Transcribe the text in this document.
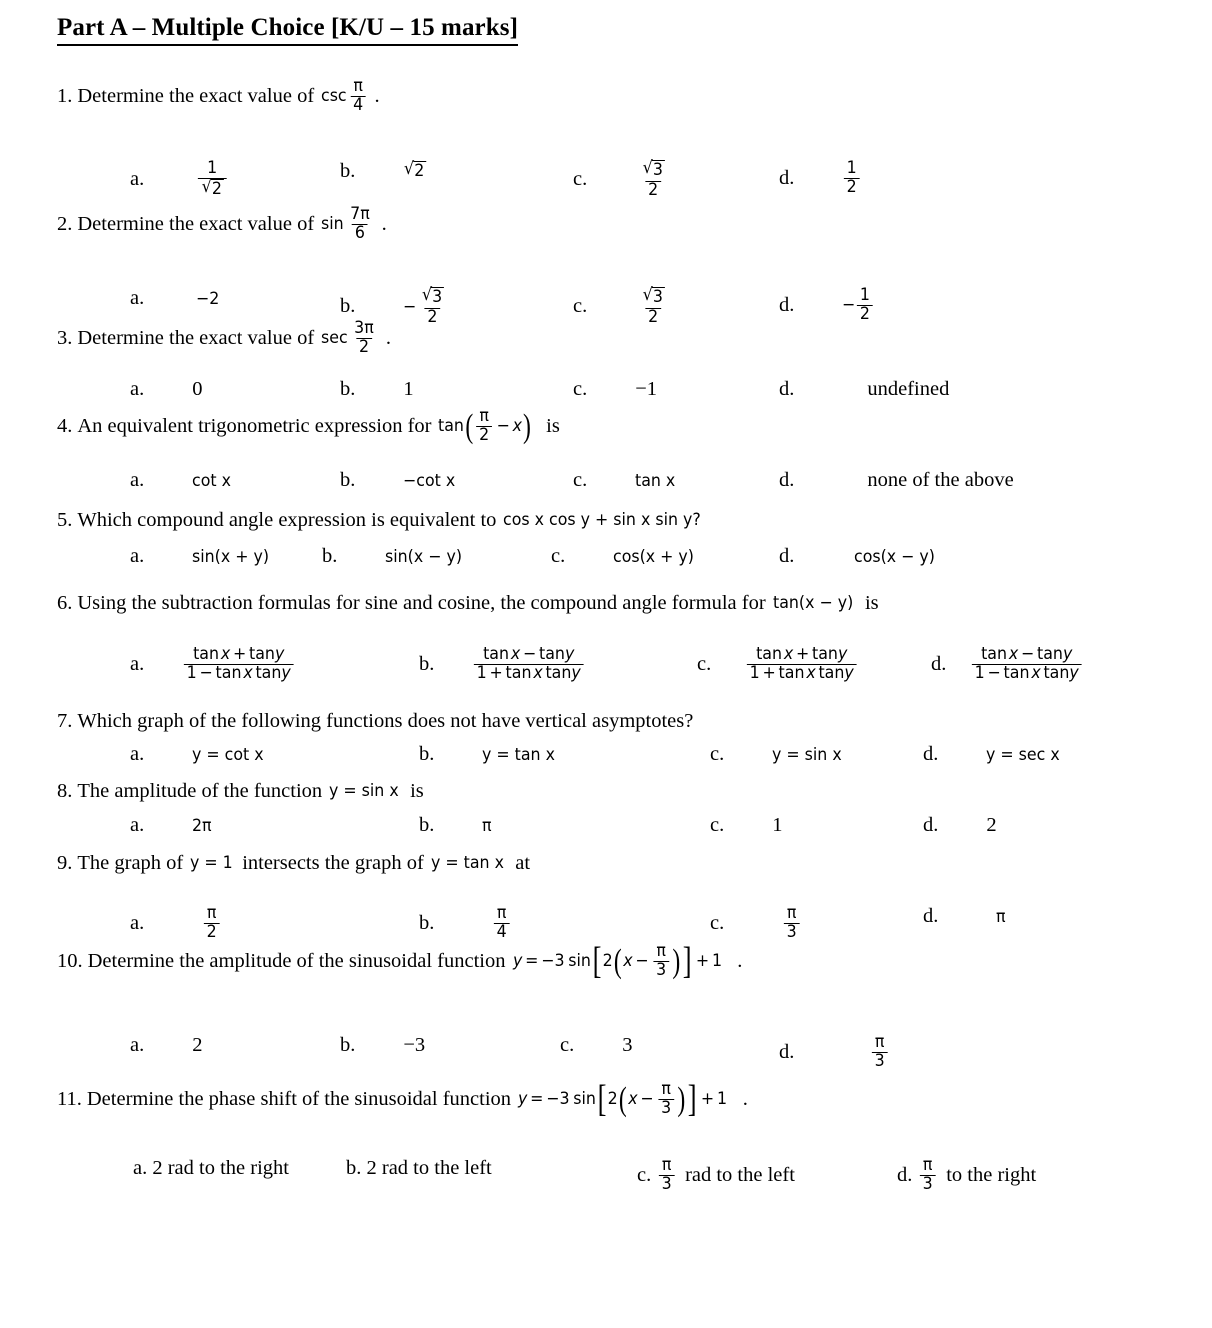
Part A – Multiple Choice [K/U – 15 marks]
1. Determine the exact value of $\csc \frac{\pi}{4}$ .
a.	$\frac{1}{√ 2}$	b.	√ 2	c.	$\frac{√ 3}{2}$	d.	$\frac{1}{2}$
2. Determine the exact value of $\sin \frac{7\pi}{6}$ .
a.	−2	b.	− $\frac{√ 3}{2}$	c.	$\frac{√ 3}{2}$	d.	− $\frac{1}{2}$
3. Determine the exact value of $\sec \frac{3\pi}{2}$ .
a. 0	b. 1	c. −1	d.	undefined
4. An equivalent trigonometric expression for tan ( $\frac{\pi}{2} - x$ ) is
a.	cot x	b.	−cot x	c.	tan x	d.	none of the above
5. Which compound angle expression is equivalent to cos x cos y + sin x sin y?
a.	sin(x + y)	b.	sin(x − y)	c.	cos(x + y)	d.	cos(x − y)
6. Using the subtraction formulas for sine and cosine, the compound angle formula for tan(x − y) is
a. $\frac{\text{tan x + tany}}{\text{1 − tan x tany}}$	b. $\frac{\text{tan x − tany}}{\text{1 + tan x tany}}$	c. $\frac{\text{tan x + tany}}{\text{1 + tan x tany}}$	d. $\frac{\text{tan x − tany}}{\text{1 − tan x tany}}$
7. Which graph of the following functions does not have vertical asymptotes?
a.	y = cot x	b.	y = tan x	c.	y = sin x	d.	y = sec x
8. The amplitude of the function y = sin x is
a.	2π	b.	π	c. 1	d. 2
9. The graph of y = 1 intersects the graph of y = tan x at
a.	$\frac{\pi}{2}$	b.	$\frac{\pi}{4}$	c.	$\frac{\pi}{3}$	d.	π
10. Determine the amplitude of the sinusoidal function y = −3 sin [ 2 ( $x - \frac{\pi}{3}$ ) ] + 1 .
a. 2	b. −3	c. 3	d.	$\frac{\pi}{3}$
11. Determine the phase shift of the sinusoidal function y = −3 sin [ 2 ( $x - \frac{\pi}{3}$ ) ] + 1 .
a. 2 rad to the right	b. 2 rad to the left	c. $\frac{\pi}{3}$ rad to the left	d. $\frac{\pi}{3}$ to the right
